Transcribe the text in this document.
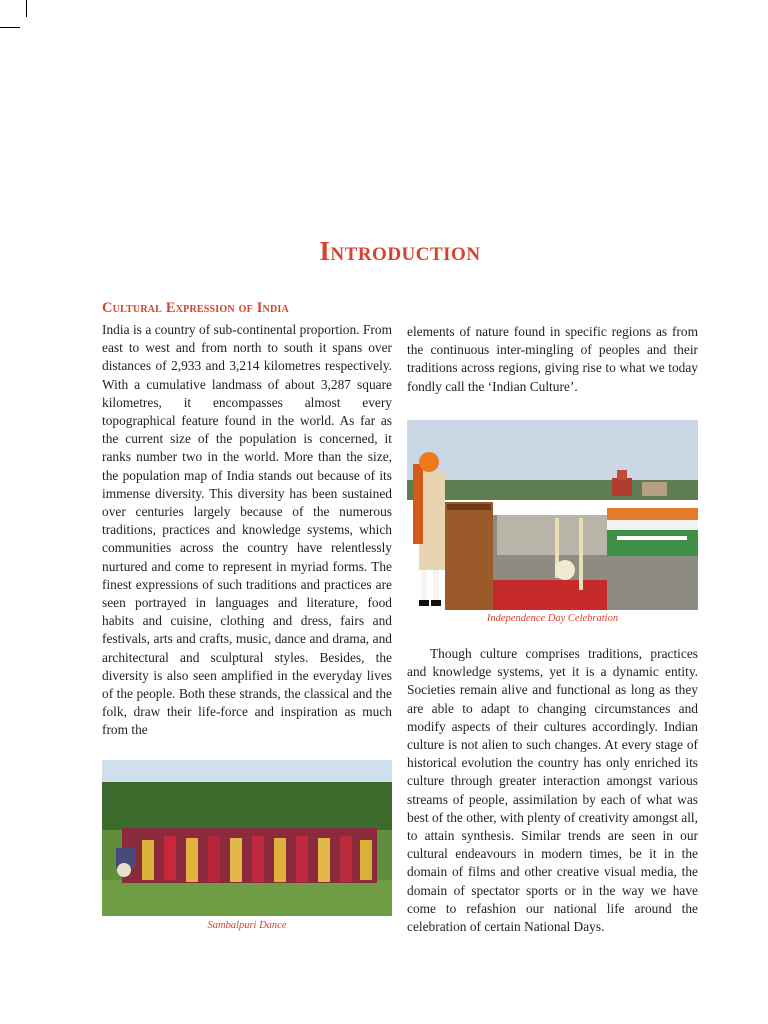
Introduction
Cultural Expression of India

India is a country of sub-continental proportion. From east to west and from north to south it spans over distances of 2,933 and 3,214 kilometres respectively. With a cumulative landmass of about 3,287 square kilometres, it encompasses almost every topographical feature found in the world. As far as the current size of the population is concerned, it ranks number two in the world. More than the size, the population map of India stands out because of its immense diversity. This diversity has been sustained over centuries largely because of the numerous traditions, practices and knowledge systems, which communities across the country have relentlessly nurtured and come to represent in myriad forms. The finest expressions of such traditions and practices are seen portrayed in languages and literature, food habits and cuisine, clothing and dress, fairs and festivals, arts and crafts, music, dance and drama, and architectural and sculptural styles. Besides, the diversity is also seen amplified in the everyday lives of the people. Both these strands, the classical and the folk, draw their life-force and inspiration as much from the

elements of nature found in specific regions as from the continuous inter-mingling of peoples and their traditions across regions, giving rise to what we today fondly call the ‘Indian Culture’.

Independence Day Celebration

Though culture comprises traditions, practices and knowledge systems, yet it is a dynamic entity. Societies remain alive and functional as long as they are able to adapt to changing circumstances and modify aspects of their cultures accordingly. Indian culture is not alien to such changes. At every stage of historical evolution the country has only enriched its culture through greater interaction amongst various streams of people, assimilation by each of what was best of the other, with plenty of creativity amongst all, to attain synthesis. Similar trends are seen in our cultural endeavours in modern times, be it in the domain of films and other creative visual media, the domain of spectator sports or in the way we have come to refashion our national life around the celebration of certain National Days.

Sambalpuri Dance
